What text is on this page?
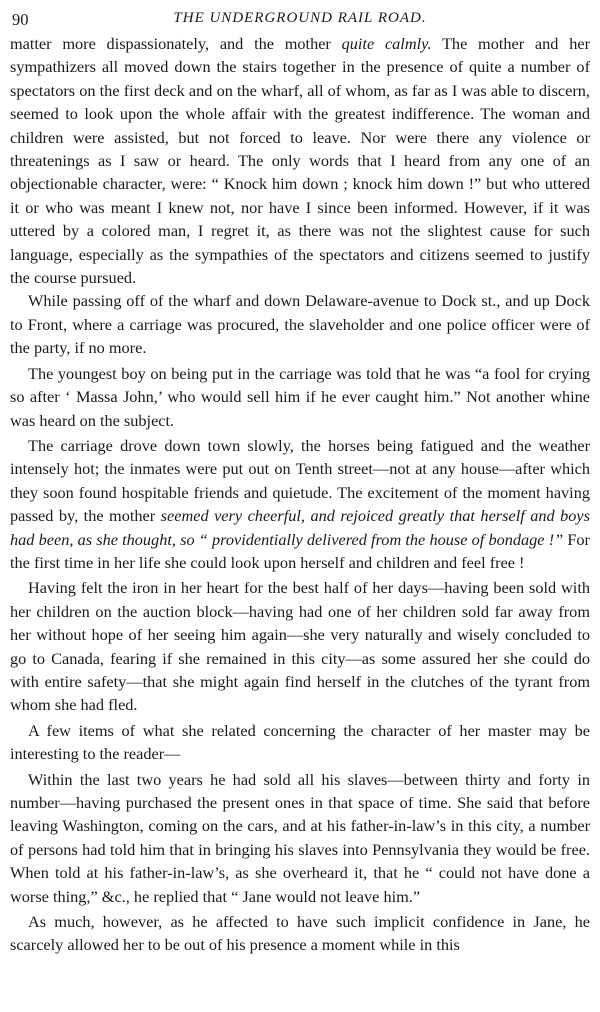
90	THE UNDERGROUND RAIL ROAD.

matter more dispassionately, and the mother quite calmly. The mother and her sympathizers all moved down the stairs together in the presence of quite a number of spectators on the first deck and on the wharf, all of whom, as far as I was able to discern, seemed to look upon the whole affair with the greatest indifference. The woman and children were assisted, but not forced to leave. Nor were there any violence or threatenings as I saw or heard. The only words that I heard from any one of an objectionable character, were: “ Knock him down ; knock him down !” but who uttered it or who was meant I knew not, nor have I since been informed. However, if it was uttered by a colored man, I regret it, as there was not the slightest cause for such language, especially as the sympathies of the spectators and citizens seemed to justify the course pursued.

While passing off of the wharf and down Delaware-avenue to Dock st., and up Dock to Front, where a carriage was procured, the slaveholder and one police officer were of the party, if no more.

The youngest boy on being put in the carriage was told that he was “a fool for crying so after ‘ Massa John,’ who would sell him if he ever caught him.” Not another whine was heard on the subject.

The carriage drove down town slowly, the horses being fatigued and the weather intensely hot; the inmates were put out on Tenth street—not at any house—after which they soon found hospitable friends and quietude. The excitement of the moment having passed by, the mother seemed very cheerful, and rejoiced greatly that herself and boys had been, as she thought, so “ providentially delivered from the house of bondage !” For the first time in her life she could look upon herself and children and feel free !

Having felt the iron in her heart for the best half of her days—having been sold with her children on the auction block—having had one of her children sold far away from her without hope of her seeing him again—she very naturally and wisely concluded to go to Canada, fearing if she remained in this city—as some assured her she could do with entire safety—that she might again find herself in the clutches of the tyrant from whom she had fled.

A few items of what she related concerning the character of her master may be interesting to the reader—

Within the last two years he had sold all his slaves—between thirty and forty in number—having purchased the present ones in that space of time. She said that before leaving Washington, coming on the cars, and at his father-in-law’s in this city, a number of persons had told him that in bringing his slaves into Pennsylvania they would be free. When told at his father-in-law’s, as she overheard it, that he “ could not have done a worse thing,” &c., he replied that “ Jane would not leave him.”

As much, however, as he affected to have such implicit confidence in Jane, he scarcely allowed her to be out of his presence a moment while in this
